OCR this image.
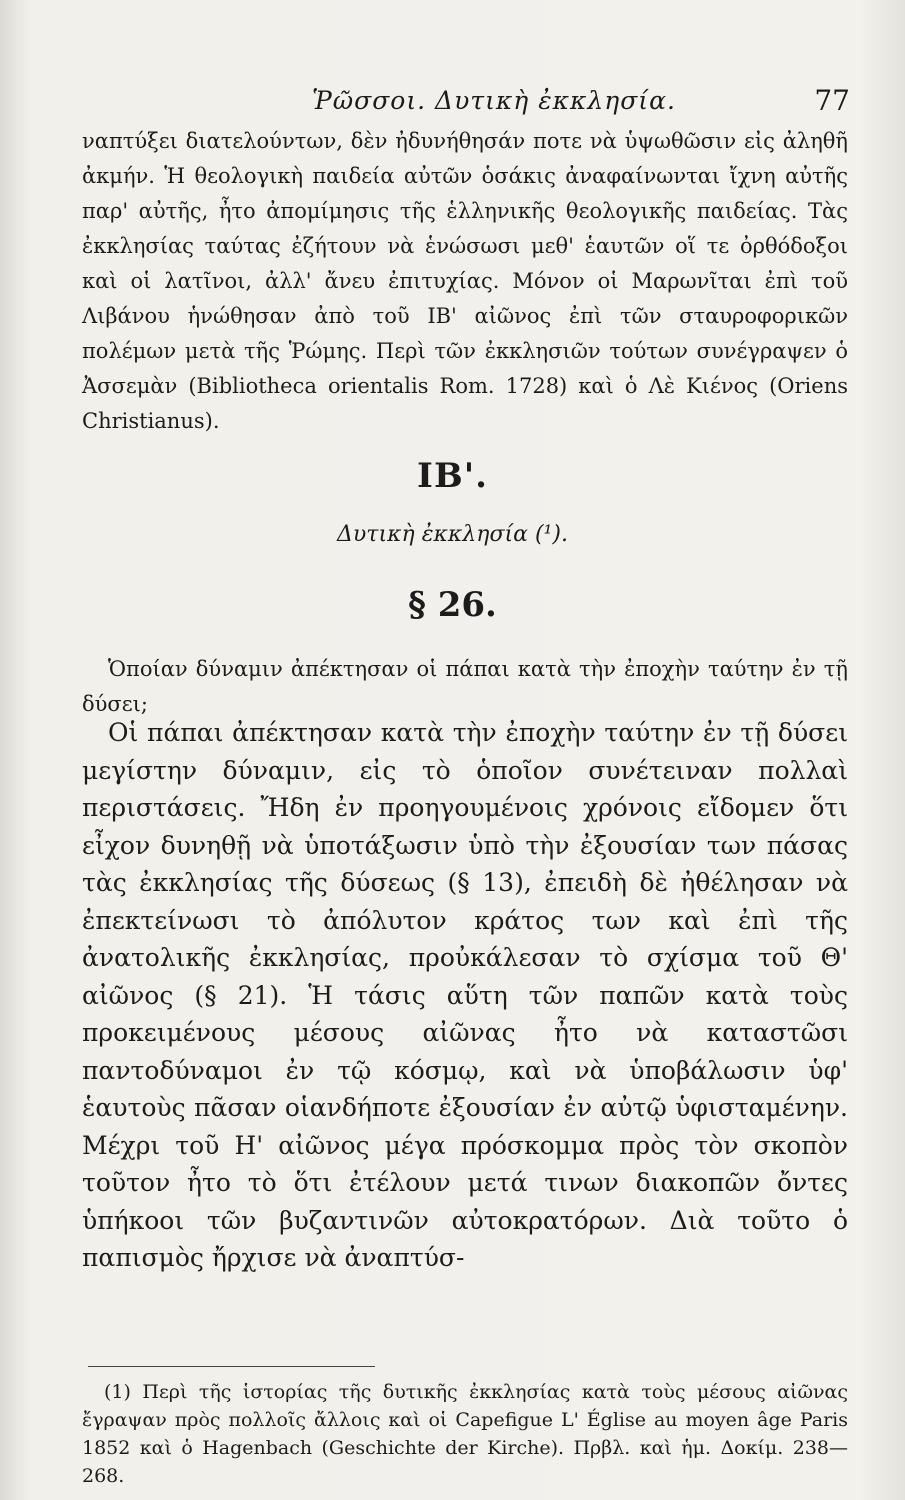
Ῥῶσσοι. Δυτικὴ ἐκκλησία.	77

ναπτύξει διατελούντων, δὲν ἠδυνήθησάν ποτε νὰ ὑψωθῶσιν εἰς ἀληθῆ ἀκμήν. Ἡ θεολογικὴ παιδεία αὐτῶν ὁσάκις ἀναφαίνωνται ἴχνη αὐτῆς παρ' αὐτῆς, ἦτο ἀπομίμησις τῆς ἑλληνικῆς θεολογικῆς παιδείας. Τὰς ἐκκλησίας ταύτας ἐζήτουν νὰ ἑνώσωσι μεθ' ἑαυτῶν οἵ τε ὀρθόδοξοι καὶ οἱ λατῖνοι, ἀλλ' ἄνευ ἐπιτυχίας. Μόνον οἱ Μαρωνῖται ἐπὶ τοῦ Λιβάνου ἡνώθησαν ἀπὸ τοῦ ΙΒ' αἰῶνος ἐπὶ τῶν σταυροφορικῶν πολέμων μετὰ τῆς Ῥώμης. Περὶ τῶν ἐκκλησιῶν τούτων συνέγραψεν ὁ Ἀσσεμὰν (Bibliotheca orientalis Rom. 1728) καὶ ὁ Λὲ Κιένος (Oriens Christianus).

ΙΒ'.
Δυτικὴ ἐκκλησία (¹).
§ 26.

Ὁποίαν δύναμιν ἀπέκτησαν οἱ πάπαι κατὰ τὴν ἐποχὴν ταύτην ἐν τῇ δύσει;

Οἱ πάπαι ἀπέκτησαν κατὰ τὴν ἐποχὴν ταύτην ἐν τῇ δύσει μεγίστην δύναμιν, εἰς τὸ ὁποῖον συνέτειναν πολλαὶ περιστάσεις. Ἤδη ἐν προηγουμένοις χρόνοις εἴδομεν ὅτι εἶχον δυνηθῇ νὰ ὑποτάξωσιν ὑπὸ τὴν ἐξουσίαν των πάσας τὰς ἐκκλησίας τῆς δύσεως (§ 13), ἐπειδὴ δὲ ἠθέλησαν νὰ ἐπεκτείνωσι τὸ ἀπόλυτον κράτος των καὶ ἐπὶ τῆς ἀνατολικῆς ἐκκλησίας, προὐκάλεσαν τὸ σχίσμα τοῦ Θ' αἰῶνος (§ 21). Ἡ τάσις αὕτη τῶν παπῶν κατὰ τοὺς προκειμένους μέσους αἰῶνας ἦτο νὰ καταστῶσι παντοδύναμοι ἐν τῷ κόσμῳ, καὶ νὰ ὑποβάλωσιν ὑφ' ἑαυτοὺς πᾶσαν οἱανδήποτε ἐξουσίαν ἐν αὐτῷ ὑφισταμένην. Μέχρι τοῦ Η' αἰῶνος μέγα πρόσκομμα πρὸς τὸν σκοπὸν τοῦτον ἦτο τὸ ὅτι ἐτέλουν μετά τινων διακοπῶν ὄντες ὑπήκοοι τῶν βυζαντινῶν αὐτοκρατόρων. Διὰ τοῦτο ὁ παπισμὸς ἤρχισε νὰ ἀναπτύσ-

(1) Περὶ τῆς ἱστορίας τῆς δυτικῆς ἐκκλησίας κατὰ τοὺς μέσους αἰῶνας ἔγραψαν πρὸς πολλοῖς ἄλλοις καὶ οἱ Capefigue L' Église au moyen âge Paris 1852 καὶ ὁ Hagenbach (Geschichte der Kirche). Πρβλ. καὶ ἡμ. Δοκίμ. 238—268.
